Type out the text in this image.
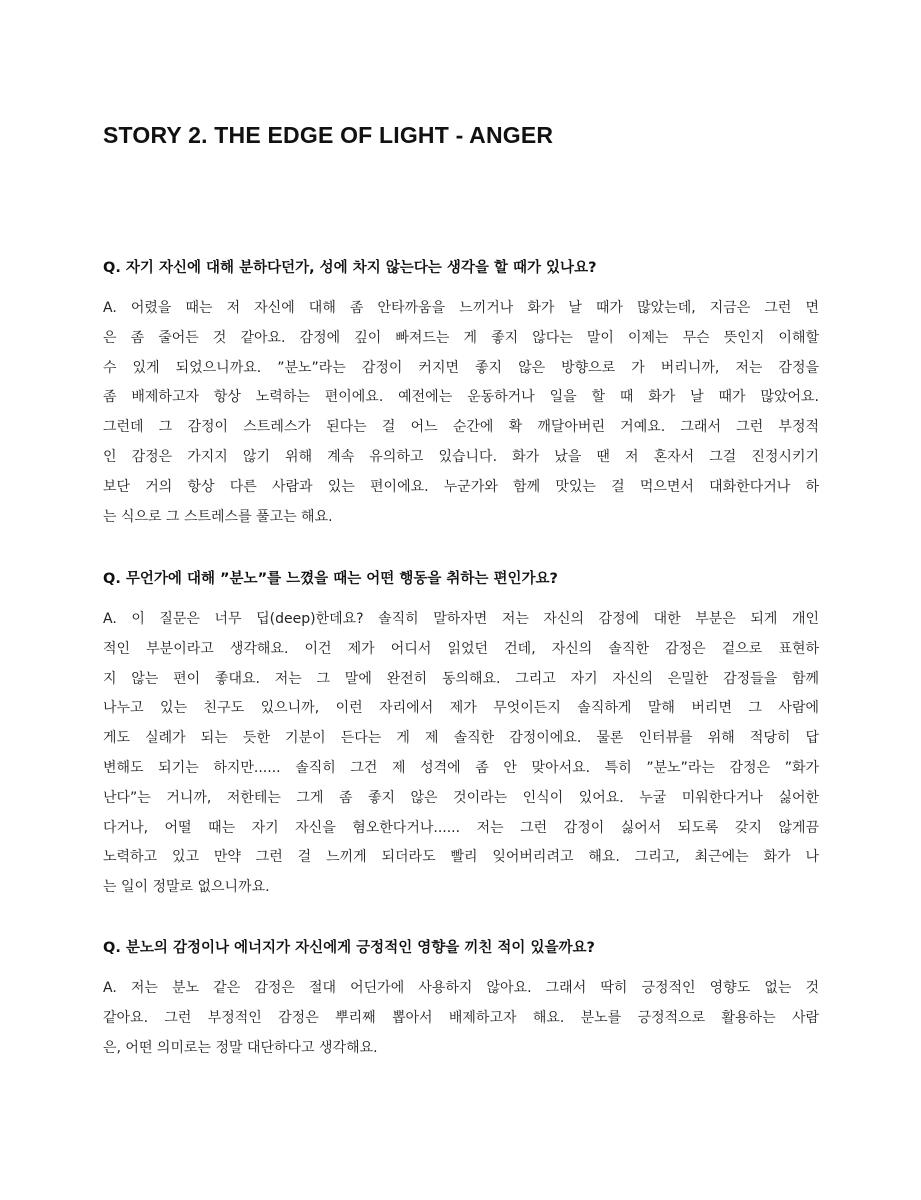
STORY 2. THE EDGE OF LIGHT - ANGER

Q. 자기 자신에 대해 분하다던가, 성에 차지 않는다는 생각을 할 때가 있나요?

A. 어렸을 때는 저 자신에 대해 좀 안타까움을 느끼거나 화가 날 때가 많았는데, 지금은 그런 면
은 좀 줄어든 것 같아요. 감정에 깊이 빠져드는 게 좋지 않다는 말이 이제는 무슨 뜻인지 이해할
수 있게 되었으니까요. ”분노”라는 감정이 커지면 좋지 않은 방향으로 가 버리니까, 저는 감정을
좀 배제하고자 항상 노력하는 편이에요. 예전에는 운동하거나 일을 할 때 화가 날 때가 많았어요.
그런데 그 감정이 스트레스가 된다는 걸 어느 순간에 확 깨달아버린 거예요. 그래서 그런 부정적
인 감정은 가지지 않기 위해 계속 유의하고 있습니다. 화가 났을 땐 저 혼자서 그걸 진정시키기
보단 거의 항상 다른 사람과 있는 편이에요. 누군가와 함께 맛있는 걸 먹으면서 대화한다거나 하
는 식으로 그 스트레스를 풀고는 해요.

Q. 무언가에 대해 ”분노”를 느꼈을 때는 어떤 행동을 취하는 편인가요?

A. 이 질문은 너무 딥(deep)한데요? 솔직히 말하자면 저는 자신의 감정에 대한 부분은 되게 개인
적인 부분이라고 생각해요. 이건 제가 어디서 읽었던 건데, 자신의 솔직한 감정은 겉으로 표현하
지 않는 편이 좋대요. 저는 그 말에 완전히 동의해요. 그리고 자기 자신의 은밀한 감정들을 함께
나누고 있는 친구도 있으니까, 이런 자리에서 제가 무엇이든지 솔직하게 말해 버리면 그 사람에
게도 실례가 되는 듯한 기분이 든다는 게 제 솔직한 감정이에요. 물론 인터뷰를 위해 적당히 답
변해도 되기는 하지만...... 솔직히 그건 제 성격에 좀 안 맞아서요. 특히 ”분노”라는 감정은 ”화가
난다”는 거니까, 저한테는 그게 좀 좋지 않은 것이라는 인식이 있어요. 누굴 미워한다거나 싫어한
다거나, 어떨 때는 자기 자신을 혐오한다거나...... 저는 그런 감정이 싫어서 되도록 갖지 않게끔
노력하고 있고 만약 그런 걸 느끼게 되더라도 빨리 잊어버리려고 해요. 그리고, 최근에는 화가 나
는 일이 정말로 없으니까요.

Q. 분노의 감정이나 에너지가 자신에게 긍정적인 영향을 끼친 적이 있을까요?

A. 저는 분노 같은 감정은 절대 어딘가에 사용하지 않아요. 그래서 딱히 긍정적인 영향도 없는 것
같아요. 그런 부정적인 감정은 뿌리째 뽑아서 배제하고자 해요. 분노를 긍정적으로 활용하는 사람
은, 어떤 의미로는 정말 대단하다고 생각해요.
